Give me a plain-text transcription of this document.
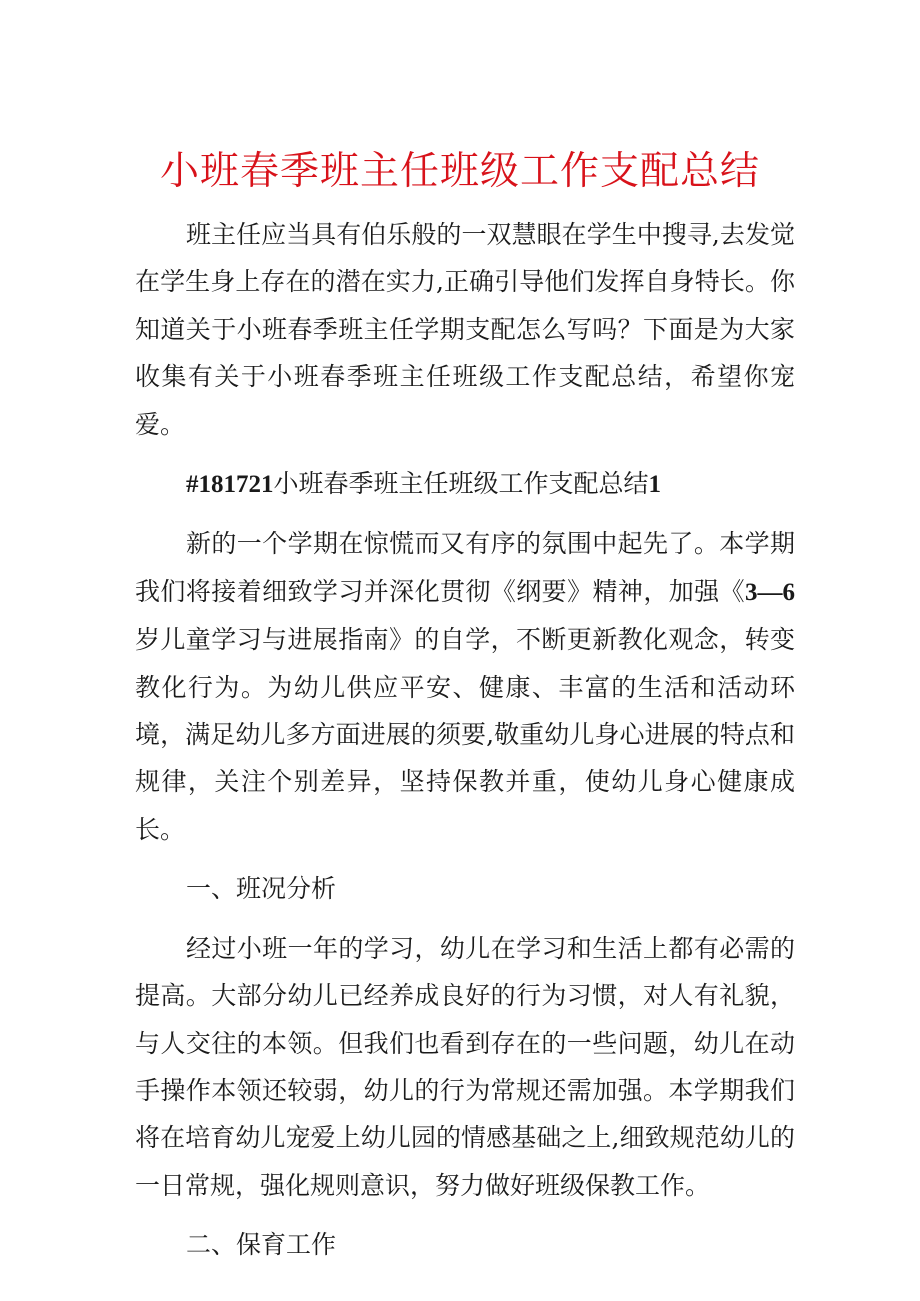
小班春季班主任班级工作支配总结

班主任应当具有伯乐般的一双慧眼在学生中搜寻,去发觉在学生身上存在的潜在实力,正确引导他们发挥自身特长。你知道关于小班春季班主任学期支配怎么写吗？下面是为大家收集有关于小班春季班主任班级工作支配总结，希望你宠爱。

#181721小班春季班主任班级工作支配总结1

新的一个学期在惊慌而又有序的氛围中起先了。本学期我们将接着细致学习并深化贯彻《纲要》精神，加强《3—6岁儿童学习与进展指南》的自学，不断更新教化观念，转变教化行为。为幼儿供应平安、健康、丰富的生活和活动环境，满足幼儿多方面进展的须要,敬重幼儿身心进展的特点和规律，关注个别差异，坚持保教并重，使幼儿身心健康成长。

一、班况分析

经过小班一年的学习，幼儿在学习和生活上都有必需的提高。大部分幼儿已经养成良好的行为习惯，对人有礼貌，与人交往的本领。但我们也看到存在的一些问题，幼儿在动手操作本领还较弱，幼儿的行为常规还需加强。本学期我们将在培育幼儿宠爱上幼儿园的情感基础之上,细致规范幼儿的一日常规，强化规则意识，努力做好班级保教工作。

二、保育工作
